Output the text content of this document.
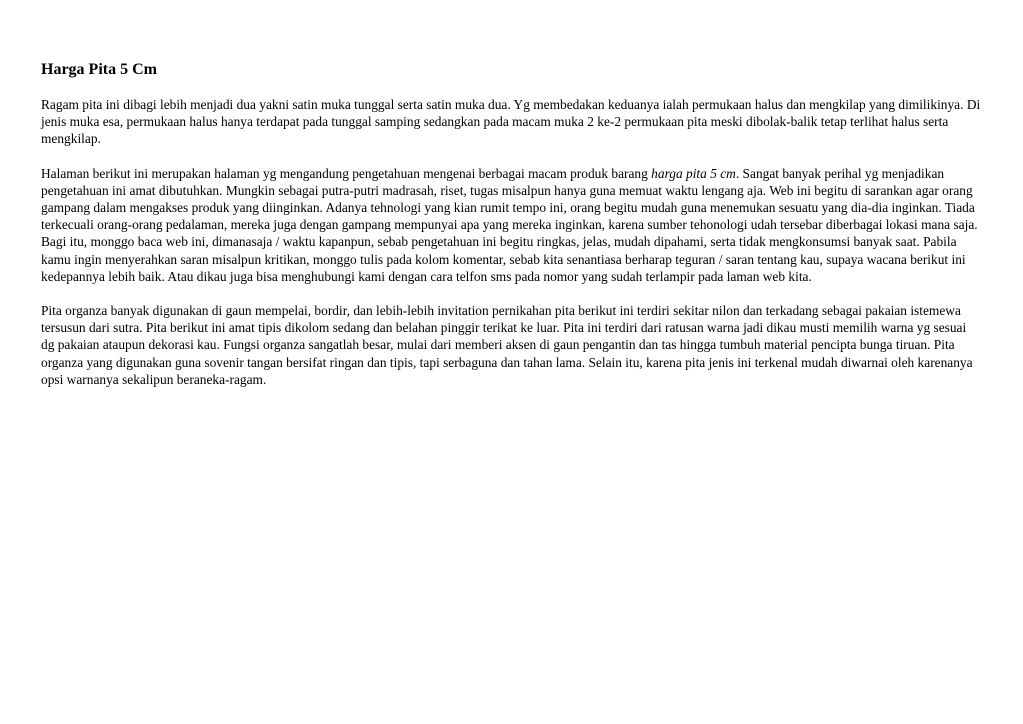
Harga Pita 5 Cm

Ragam pita ini dibagi lebih menjadi dua yakni satin muka tunggal serta satin muka dua. Yg membedakan keduanya ialah permukaan halus dan mengkilap yang dimilikinya. Di jenis muka esa, permukaan halus hanya terdapat pada tunggal samping sedangkan pada macam muka 2 ke-2 permukaan pita meski dibolak-balik tetap terlihat halus serta mengkilap.

Halaman berikut ini merupakan halaman yg mengandung pengetahuan mengenai berbagai macam produk barang harga pita 5 cm. Sangat banyak perihal yg menjadikan pengetahuan ini amat dibutuhkan. Mungkin sebagai putra-putri madrasah, riset, tugas misalpun hanya guna memuat waktu lengang aja. Web ini begitu di sarankan agar orang gampang dalam mengakses produk yang diinginkan. Adanya tehnologi yang kian rumit tempo ini, orang begitu mudah guna menemukan sesuatu yang dia-dia inginkan. Tiada terkecuali orang-orang pedalaman, mereka juga dengan gampang mempunyai apa yang mereka inginkan, karena sumber tehonologi udah tersebar diberbagai lokasi mana saja. Bagi itu, monggo baca web ini, dimanasaja / waktu kapanpun, sebab pengetahuan ini begitu ringkas, jelas, mudah dipahami, serta tidak mengkonsumsi banyak saat. Pabila kamu ingin menyerahkan saran misalpun kritikan, monggo tulis pada kolom komentar, sebab kita senantiasa berharap teguran / saran tentang kau, supaya wacana berikut ini kedepannya lebih baik. Atau dikau juga bisa menghubungi kami dengan cara telfon sms pada nomor yang sudah terlampir pada laman web kita.

Pita organza banyak digunakan di gaun mempelai, bordir, dan lebih-lebih invitation pernikahan pita berikut ini terdiri sekitar nilon dan terkadang sebagai pakaian istemewa tersusun dari sutra. Pita berikut ini amat tipis dikolom sedang dan belahan pinggir terikat ke luar. Pita ini terdiri dari ratusan warna jadi dikau musti memilih warna yg sesuai dg pakaian ataupun dekorasi kau. Fungsi organza sangatlah besar, mulai dari memberi aksen di gaun pengantin dan tas hingga tumbuh material pencipta bunga tiruan. Pita organza yang digunakan guna sovenir tangan bersifat ringan dan tipis, tapi serbaguna dan tahan lama. Selain itu, karena pita jenis ini terkenal mudah diwarnai oleh karenanya opsi warnanya sekalipun beraneka-ragam.
